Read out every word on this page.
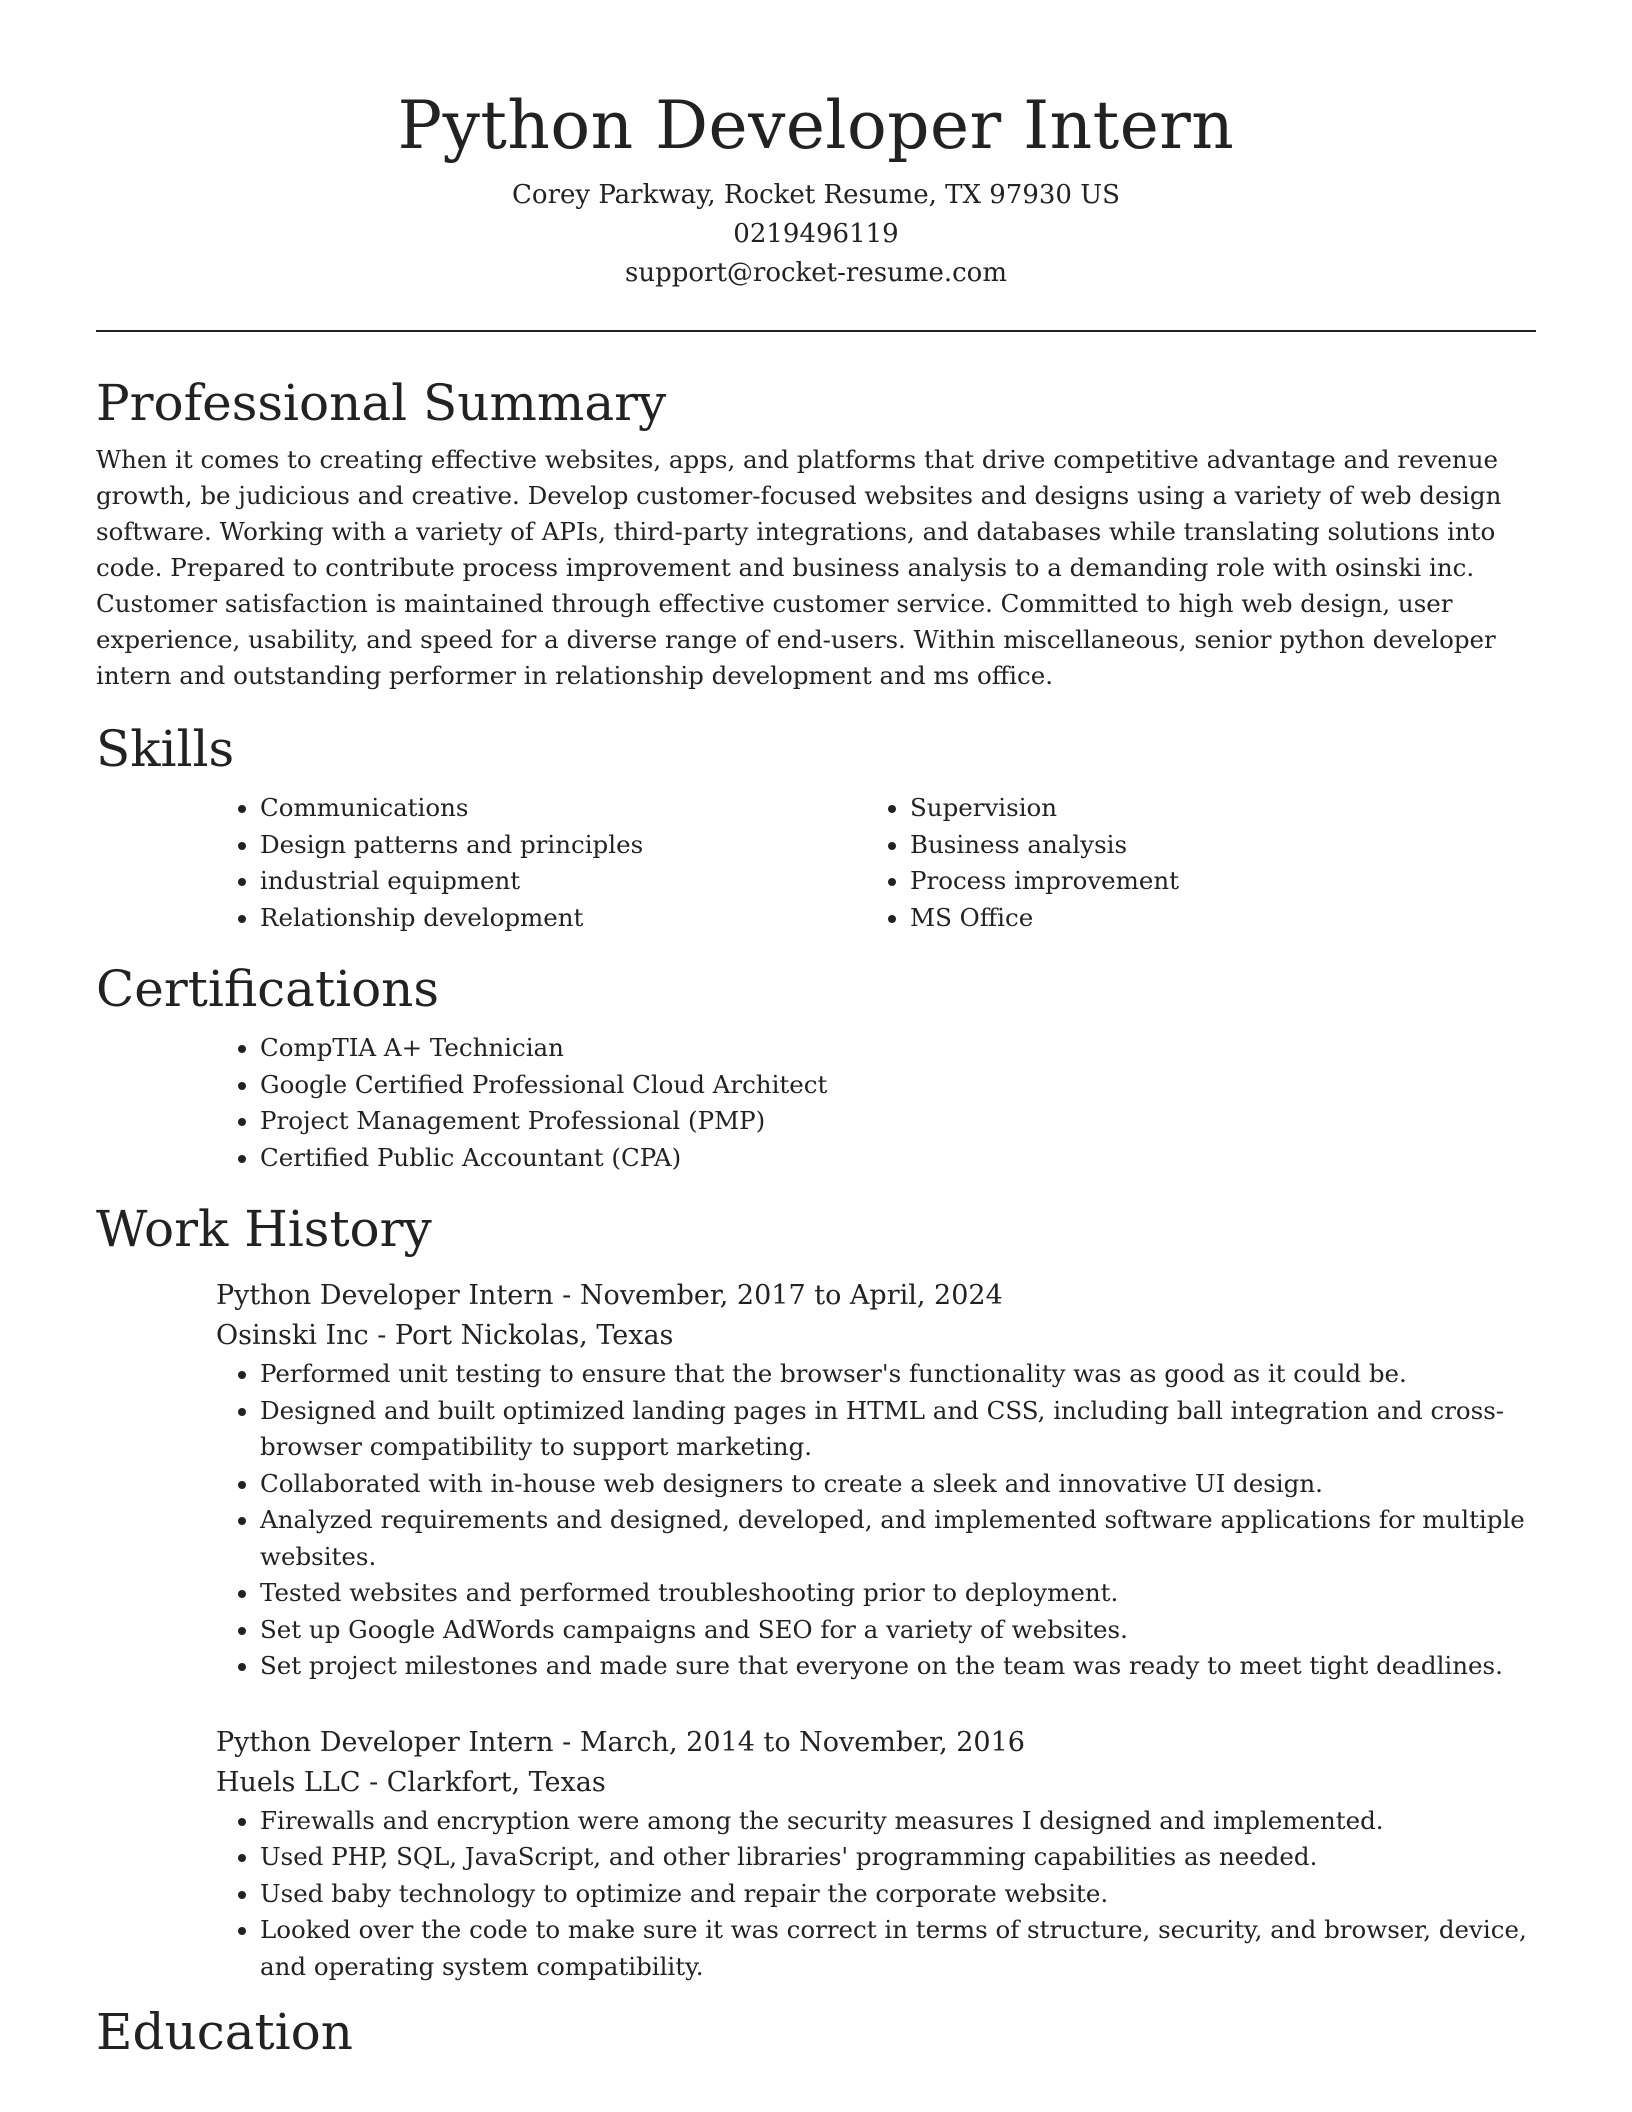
Python Developer Intern

Corey Parkway, Rocket Resume, TX 97930 US

0219496119

support@rocket-resume.com

Professional Summary

When it comes to creating effective websites, apps, and platforms that drive competitive advantage and revenue growth, be judicious and creative. Develop customer-focused websites and designs using a variety of web design software. Working with a variety of APIs, third-party integrations, and databases while translating solutions into code. Prepared to contribute process improvement and business analysis to a demanding role with osinski inc. Customer satisfaction is maintained through effective customer service. Committed to high web design, user experience, usability, and speed for a diverse range of end-users. Within miscellaneous, senior python developer intern and outstanding performer in relationship development and ms office.

Skills
• Communications
• Design patterns and principles
• industrial equipment
• Relationship development
• Supervision
• Business analysis
• Process improvement
• MS Office
Certifications
• CompTIA A+ Technician
• Google Certified Professional Cloud Architect
• Project Management Professional (PMP)
• Certified Public Accountant (CPA)
Work History

Python Developer Intern - November, 2017 to April, 2024

Osinski Inc - Port Nickolas, Texas

• Performed unit testing to ensure that the browser's functionality was as good as it could be.
• Designed and built optimized landing pages in HTML and CSS, including ball integration and cross-browser compatibility to support marketing.
• Collaborated with in-house web designers to create a sleek and innovative UI design.
• Analyzed requirements and designed, developed, and implemented software applications for multiple websites.
• Tested websites and performed troubleshooting prior to deployment.
• Set up Google AdWords campaigns and SEO for a variety of websites.
• Set project milestones and made sure that everyone on the team was ready to meet tight deadlines.

Python Developer Intern - March, 2014 to November, 2016

Huels LLC - Clarkfort, Texas

• Firewalls and encryption were among the security measures I designed and implemented.
• Used PHP, SQL, JavaScript, and other libraries' programming capabilities as needed.
• Used baby technology to optimize and repair the corporate website.
• Looked over the code to make sure it was correct in terms of structure, security, and browser, device, and operating system compatibility.
Education
